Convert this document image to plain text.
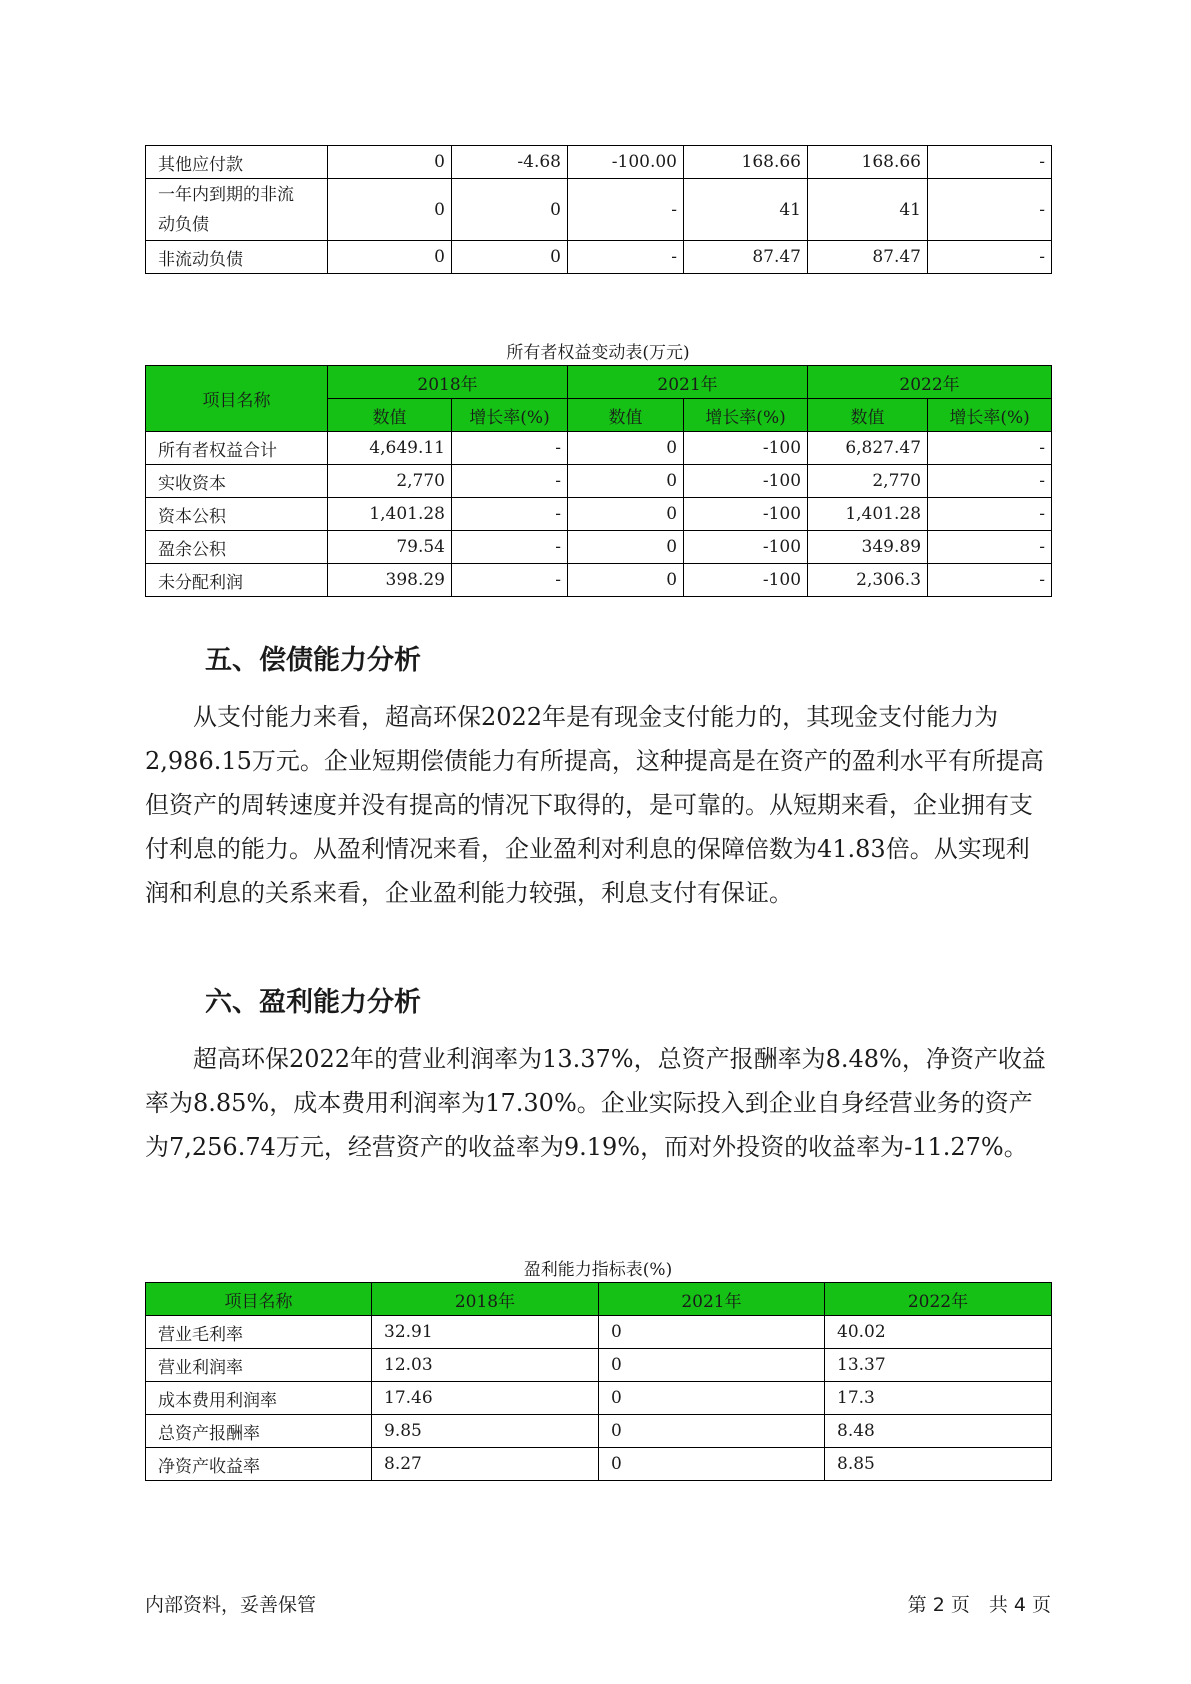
其他应付款	0	-4.68	-100.00	168.66	168.66	-
一年内到期的非流
动负债	0	0	-	41	41	-
非流动负债	0	0	-	87.47	87.47	-
所有者权益变动表(万元)
项目名称	2018年		2021年		2022年	
	数值	增长率(%)	数值	增长率(%)	数值	增长率(%)
所有者权益合计	4,649.11	-	0	-100	6,827.47	-
实收资本	2,770	-	0	-100	2,770	-
资本公积	1,401.28	-	0	-100	1,401.28	-
盈余公积	79.54	-	0	-100	349.89	-
未分配利润	398.29	-	0	-100	2,306.3	-
五、偿债能力分析

从支付能力来看，超高环保2022年是有现金支付能力的，其现金支付能力为2,986.15万元。企业短期偿债能力有所提高，这种提高是在资产的盈利水平有所提高但资产的周转速度并没有提高的情况下取得的，是可靠的。从短期来看，企业拥有支付利息的能力。从盈利情况来看，企业盈利对利息的保障倍数为41.83倍。从实现利润和利息的关系来看，企业盈利能力较强，利息支付有保证。

六、盈利能力分析

超高环保2022年的营业利润率为13.37%，总资产报酬率为8.48%，净资产收益率为8.85%，成本费用利润率为17.30%。企业实际投入到企业自身经营业务的资产为7,256.74万元，经营资产的收益率为9.19%，而对外投资的收益率为-11.27%。

盈利能力指标表(%)
项目名称	2018年	2021年	2022年
营业毛利率	32.91	0	40.02
营业利润率	12.03	0	13.37
成本费用利润率	17.46	0	17.3
总资产报酬率	9.85	0	8.48
净资产收益率	8.27	0	8.85
内部资料，妥善保管	第 2 页　共 4 页
